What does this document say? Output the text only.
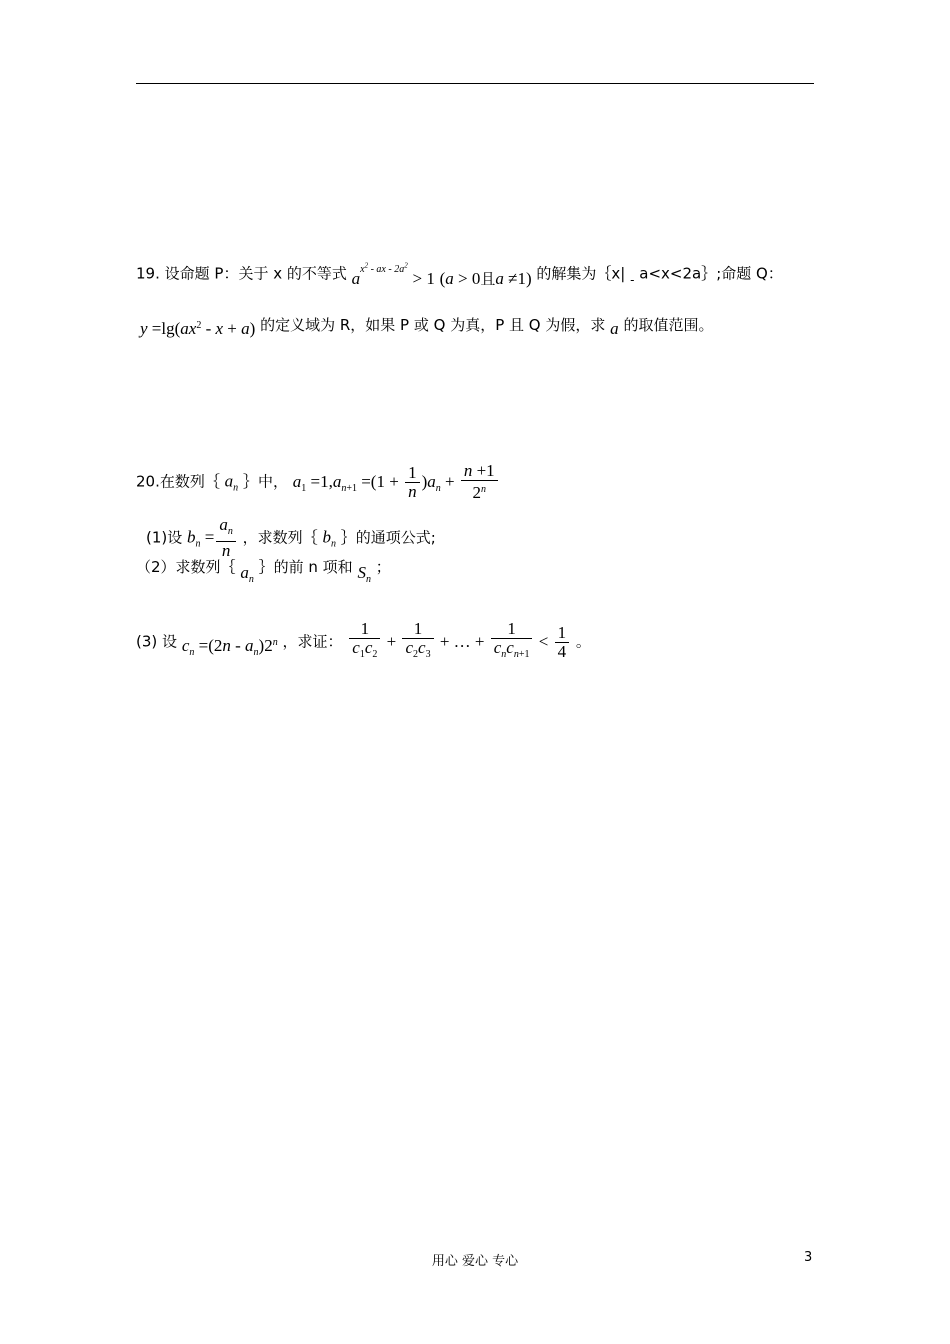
19. 设命题 P：关于 x 的不等式 $a^{x^2 - ax - 2a^2} > 1$ (a > 0且a ≠1) 的解集为｛x| $_-$ a<x<2a｝;命题 Q：
$y =\lg(ax^2 - x + a)$ 的定义域为 R，如果 P 或 Q 为真，P 且 Q 为假，求 a 的取值范围。
20.在数列｛ $a_n$ ｝中， $a_1 =1,a_{n+1} =(1 + \frac{1}{n} )a_n + \frac{n +1}{2^n}$
(1)设 $b_n = \frac{a_n}{n}$ ，求数列｛ $b_n$ ｝的通项公式;
（2）求数列｛ $a_n$ ｝的前 n 项和 $S_n$ ；
(3) 设 $c_n =(2n - a_n)2^n$ ，求证： $\frac{1}{c_1c_2} + \frac{1}{c_2c_3}$ + … + $\frac{1}{c_nc_{n+1}} < \frac{1}{4}$ 。
用心 爱心 专心	3
